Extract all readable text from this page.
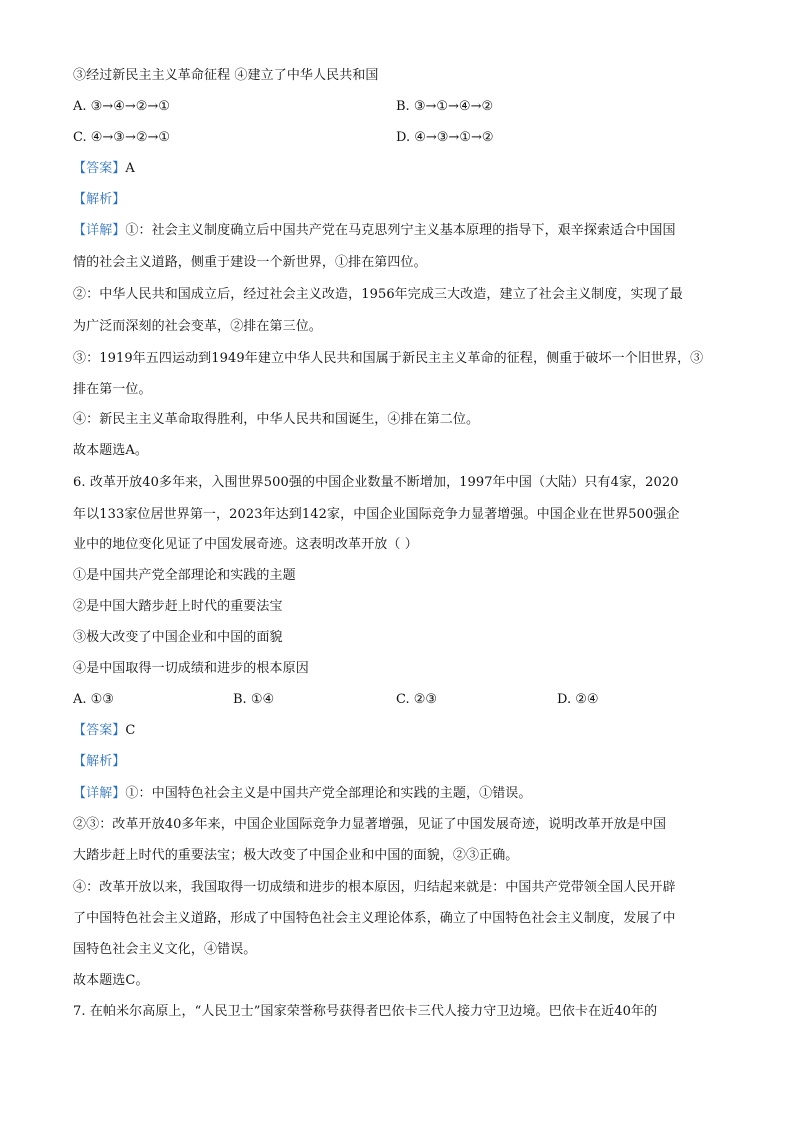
③经过新民主主义革命征程 ④建立了中华人民共和国
A. ③→④→②→①	B. ③→①→④→②
C. ④→③→②→①	D. ④→③→①→②
【答案】A
【解析】
【详解】①：社会主义制度确立后中国共产党在马克思列宁主义基本原理的指导下，艰辛探索适合中国国
情的社会主义道路，侧重于建设一个新世界，①排在第四位。
②：中华人民共和国成立后，经过社会主义改造，1956年完成三大改造，建立了社会主义制度，实现了最
为广泛而深刻的社会变革，②排在第三位。
③：1919年五四运动到1949年建立中华人民共和国属于新民主主义革命的征程，侧重于破坏一个旧世界，③
排在第一位。
④：新民主主义革命取得胜利，中华人民共和国诞生，④排在第二位。
故本题选A。
6. 改革开放40多年来，入围世界500强的中国企业数量不断增加，1997年中国（大陆）只有4家，2020
年以133家位居世界第一，2023年达到142家，中国企业国际竞争力显著增强。中国企业在世界500强企
业中的地位变化见证了中国发展奇迹。这表明改革开放（ ）
①是中国共产党全部理论和实践的主题
②是中国大踏步赶上时代的重要法宝
③极大改变了中国企业和中国的面貌
④是中国取得一切成绩和进步的根本原因
A. ①③	B. ①④	C. ②③	D. ②④
【答案】C
【解析】
【详解】①：中国特色社会主义是中国共产党全部理论和实践的主题，①错误。
②③：改革开放40多年来，中国企业国际竞争力显著增强，见证了中国发展奇迹，说明改革开放是中国
大踏步赶上时代的重要法宝；极大改变了中国企业和中国的面貌，②③正确。
④：改革开放以来，我国取得一切成绩和进步的根本原因，归结起来就是：中国共产党带领全国人民开辟
了中国特色社会主义道路，形成了中国特色社会主义理论体系，确立了中国特色社会主义制度，发展了中
国特色社会主义文化，④错误。
故本题选C。
7. 在帕米尔高原上，“人民卫士”国家荣誉称号获得者巴依卡三代人接力守卫边境。巴依卡在近40年的
